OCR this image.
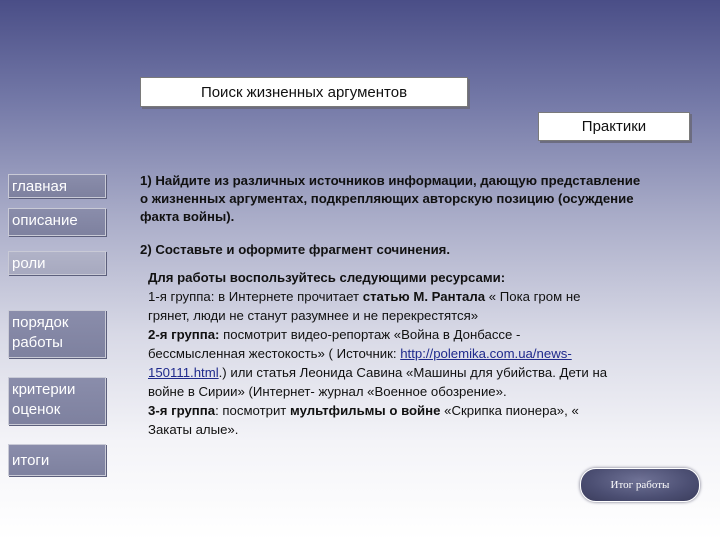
Поиск жизненных аргументов
Практики
главная
описание
роли
порядок работы
критерии оценок
итоги
1) Найдите из различных источников информации, дающую представление о жизненных аргументах, подкрепляющих авторскую позицию (осуждение факта войны).
2) Составьте и оформите фрагмент сочинения.
Для работы воспользуйтесь следующими ресурсами:
1-я группа: в Интернете прочитает статью М. Рантала « Пока гром не грянет, люди не станут разумнее и не перекрестятся»
2-я группа: посмотрит видео-репортаж «Война в Донбассе - бессмысленная жестокость» ( Источник: http://polemika.com.ua/news-150111.html.) или статья Леонида Савина «Машины для убийства. Дети на войне в Сирии» (Интернет- журнал «Военное обозрение».
3-я группа: посмотрит мультфильмы о войне «Скрипка пионера», « Закаты алые».
Итог работы
